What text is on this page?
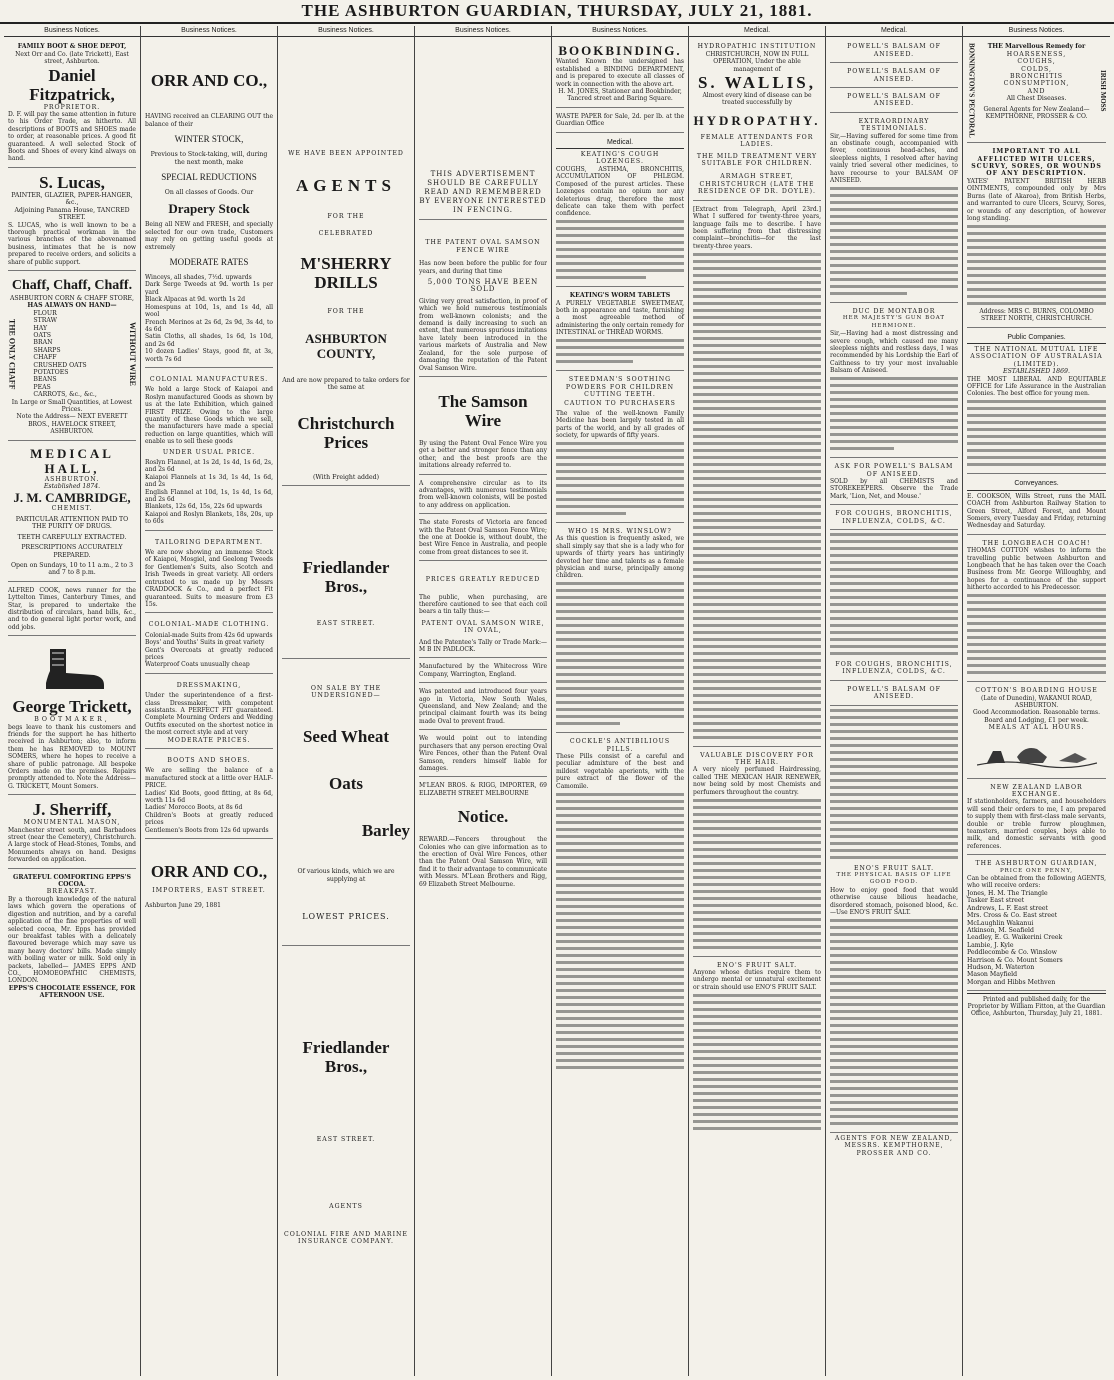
THE ASHBURTON GUARDIAN, THURSDAY, JULY 21, 1881.
Business Notices.
FAMILY BOOT & SHOE DEPOT,
Next Orr and Co. (late Trickett), East street, Ashburton.
Daniel Fitzpatrick,
PROPRIETOR.
D. F. will pay the same attention in future to his Order Trade, as hitherto. All descriptions of BOOTS and SHOES made to order, at reasonable prices. A good fit guaranteed. A well selected Stock of Boots and Shoes of every kind always on hand.
S. Lucas,
PAINTER, GLAZIER, PAPER-HANGER, &c.,
Adjoining Panama House, TANCRED STREET.
S. LUCAS, who is well known to be a thorough practical workman in the various branches of the abovenamed business, intimates that he is now prepared to receive orders, and solicits a share of public support.
Chaff, Chaff, Chaff.
ASHBURTON CORN & CHAFF STORE,
HAS ALWAYS ON HAND—
THE ONLY CHAFF
FLOUR
STRAW
HAY
OATS
BRAN
SHARPS
CHAFF
CRUSHED OATS
POTATOES
BEANS
PEAS
CARROTS, &c., &c.,
WITHOUT WIRE
In Large or Small Quantities, at Lowest Prices.
Note the Address— NEXT EVERETT BROS., HAVELOCK STREET, ASHBURTON.
MEDICAL HALL,
ASHBURTON.
Established 1874.
J. M. CAMBRIDGE,
CHEMIST.
PARTICULAR ATTENTION PAID TO THE PURITY OF DRUGS.
TEETH CAREFULLY EXTRACTED.
PRESCRIPTIONS ACCURATELY PREPARED.
Open on Sundays, 10 to 11 a.m., 2 to 3 and 7 to 8 p.m.
ALFRED COOK, news runner for the Lyttelton Times, Canterbury Times, and Star, is prepared to undertake the distribution of circulars, hand bills, &c., and to do general light porter work, and odd jobs.
George Trickett,
BOOTMAKER,
begs leave to thank his customers and friends for the support he has hitherto received in Ashburton; also, to inform them he has REMOVED to MOUNT SOMERS, where he hopes to receive a share of public patronage. All bespoke Orders made on the premises. Repairs promptly attended to. Note the Address— G. TRICKETT, Mount Somers.
J. Sherriff,
MONUMENTAL MASON,
Manchester street south, and Barbadoes street (near the Cemetery), Christchurch. A large stock of Head-Stones, Tombs, and Monuments always on hand. Designs forwarded on application.
GRATEFUL COMFORTING EPPS'S COCOA.
BREAKFAST.
By a thorough knowledge of the natural laws which govern the operations of digestion and nutrition, and by a careful application of the fine properties of well selected cocoa, Mr. Epps has provided our breakfast tables with a delicately flavoured beverage which may save us many heavy doctors' bills. Made simply with boiling water or milk. Sold only in packets, labelled— JAMES EPPS AND CO., HOMOEOPATHIC CHEMISTS, LONDON.
EPPS'S CHOCOLATE ESSENCE, FOR AFTERNOON USE.
Business Notices.
ORR AND CO.,
HAVING received an CLEARING OUT the balance of their
WINTER STOCK,
Previous to Stock-taking, will, during the next month, make
SPECIAL REDUCTIONS
On all classes of Goods. Our
Drapery Stock
Being all NEW and FRESH, and specially selected for our own trade, Customers may rely on getting useful goods at extremely
MODERATE RATES
Winceys, all shades, 7½d. upwards
Dark Serge Tweeds at 9d. worth 1s per yard
Black Alpacas at 9d. worth 1s 2d
Homespuns at 10d, 1s, and 1s 4d, all wool
French Merinos at 2s 6d, 2s 9d, 3s 4d, to 4s 6d
Satin Cloths, all shades, 1s 6d, 1s 10d, and 2s 6d
10 dozen Ladies' Stays, good fit, at 3s, worth 7s 6d
COLONIAL MANUFACTURES.
We hold a large Stock of Kaiapoi and Roslyn manufactured Goods as shown by us at the late Exhibition, which gained FIRST PRIZE. Owing to the large quantity of these Goods which we sell, the manufacturers have made a special reduction on large quantities, which will enable us to sell these goods
UNDER USUAL PRICE.
Roslyn Flannel, at 1s 2d, 1s 4d, 1s 6d, 2s, and 2s 6d
Kaiapoi Flannels at 1s 3d, 1s 4d, 1s 6d, and 2s
English Flannel at 10d, 1s, 1s 4d, 1s 6d, and 2s 6d
Blankets, 12s 6d, 15s, 22s 6d upwards
Kaiapoi and Roslyn Blankets, 18s, 20s, up to 60s
TAILORING DEPARTMENT.
We are now showing an immense Stock of Kaiapoi, Mosgiel, and Geelong Tweeds for Gentlemen's Suits, also Scotch and Irish Tweeds in great variety. All orders entrusted to us made up by Messrs CRADDOCK & Co., and a perfect Fit guaranteed. Suits to measure from £3 15s.
COLONIAL-MADE CLOTHING.
Colonial-made Suits from 42s 6d upwards
Boys' and Youths' Suits in great variety
Gent's Overcoats at greatly reduced prices
Waterproof Coats unusually cheap
DRESSMAKING,
Under the superintendence of a first-class Dressmaker, with competent assistants. A PERFECT FIT guaranteed. Complete Mourning Orders and Wedding Outfits executed on the shortest notice in the most correct style and at very
MODERATE PRICES.
BOOTS AND SHOES.
We are selling the balance of a manufactured stock at a little over HALF-PRICE.
Ladies' Kid Boots, good fitting, at 8s 6d, worth 11s 6d
Ladies' Morocco Boots, at 8s 6d
Children's Boots at greatly reduced prices
Gentlemen's Boots from 12s 6d upwards
ORR AND CO.,
IMPORTERS, EAST STREET.
Ashburton June 29, 1881
Business Notices.
WE HAVE BEEN APPOINTED
AGENTS
FOR THE
CELEBRATED
M'SHERRY DRILLS
FOR THE
ASHBURTON COUNTY,
And are now prepared to take orders for the same at
Christchurch Prices
(With Freight added)
Friedlander Bros.,
EAST STREET.
ON SALE BY THE UNDERSIGNED—
Seed Wheat
Oats
Barley
Of various kinds, which we are supplying at
LOWEST PRICES.
Friedlander Bros.,
EAST STREET.
AGENTS
COLONIAL FIRE AND MARINE INSURANCE COMPANY.
Business Notices.
THIS ADVERTISEMENT SHOULD BE CAREFULLY READ AND REMEMBERED BY EVERYONE INTERESTED IN FENCING.
THE PATENT OVAL SAMSON FENCE WIRE
Has now been before the public for four years, and during that time
5,000 TONS HAVE BEEN SOLD
Giving very great satisfaction, in proof of which we hold numerous testimonials from well-known colonists; and the demand is daily increasing to such an extent, that numerous spurious imitations have lately been introduced in the various markets of Australia and New Zealand, for the sole purpose of damaging the reputation of the Patent Oval Samson Wire.
The Samson Wire
By using the Patent Oval Fence Wire you get a better and stronger fence than any other, and the best proofs are the imitations already referred to.
A comprehensive circular as to its advantages, with numerous testimonials from well-known colonists, will be posted to any address on application.
The state Forests of Victoria are fenced with the Patent Oval Samson Fence Wire; the one at Dookie is, without doubt, the best Wire Fence in Australia, and people come from great distances to see it.
PRICES GREATLY REDUCED
The public, when purchasing, are therefore cautioned to see that each coil bears a tin tally thus:—
PATENT OVAL SAMSON WIRE, IN OVAL,
And the Patentee's Tally or Trade Mark:— M B IN PADLOCK.
Manufactured by the Whitecross Wire Company, Warrington, England.
Was patented and introduced four years ago in Victoria, New South Wales, Queensland, and New Zealand; and the principal claimant fourth was its being made Oval to prevent fraud.
We would point out to intending purchasers that any person erecting Oval Wire Fences, other than the Patent Oval Samson, renders himself liable for damages.
M'LEAN BROS. & RIGG, IMPORTER, 69 ELIZABETH STREET MELBOURNE
Notice.
REWARD.—Fencers throughout the Colonies who can give information as to the erection of Oval Wire Fences, other than the Patent Oval Samson Wire, will find it to their advantage to communicate with Messrs. M'Lean Brothers and Rigg, 69 Elizabeth Street Melbourne.
Business Notices.
BOOKBINDING.
Wanted Known the undersigned has established a BINDING DEPARTMENT, and is prepared to execute all classes of work in connection with the above art.
H. M. JONES, Stationer and Bookbinder, Tancred street and Baring Square.
WASTE PAPER for Sale, 2d. per lb. at the Guardian Office
Medical.
KEATING'S COUGH LOZENGES.
COUGHS, ASTHMA, BRONCHITIS, ACCUMULATION OF PHLEGM. Composed of the purest articles. These Lozenges contain no opium nor any deleterious drug, therefore the most delicate can take them with perfect confidence.
KEATING'S WORM TABLETS
A PURELY VEGETABLE SWEETMEAT, both in appearance and taste, furnishing a most agreeable method of administering the only certain remedy for INTESTINAL or THREAD WORMS.
STEEDMAN'S SOOTHING POWDERS FOR CHILDREN CUTTING TEETH.
CAUTION TO PURCHASERS
The value of the well-known Family Medicine has been largely tested in all parts of the world, and by all grades of society, for upwards of fifty years.
WHO IS MRS. WINSLOW?
As this question is frequently asked, we shall simply say that she is a lady who for upwards of thirty years has untiringly devoted her time and talents as a female physician and nurse, principally among children.
COCKLE'S ANTIBILIOUS PILLS.
These Pills consist of a careful and peculiar admixture of the best and mildest vegetable aperients, with the pure extract of the flower of the Camomile.
Medical.
HYDROPATHIC INSTITUTION
CHRISTCHURCH, NOW IN FULL OPERATION, Under the able management of
S. WALLIS,
Almost every kind of disease can be treated successfully by
HYDROPATHY.
FEMALE ATTENDANTS FOR LADIES.
THE MILD TREATMENT VERY SUITABLE FOR CHILDREN.
ARMAGH STREET, CHRISTCHURCH (LATE THE RESIDENCE OF DR. DOYLE).
[Extract from Telegraph, April 23rd.] What I suffered for twenty-three years, language fails me to describe. I have been suffering from that distressing complaint—bronchitis—for the last twenty-three years.
VALUABLE DISCOVERY FOR THE HAIR.
A very nicely perfumed Hairdressing, called THE MEXICAN HAIR RENEWER, now being sold by most Chemists and perfumers throughout the country.
ENO'S FRUIT SALT.
Anyone whose duties require them to undergo mental or unnatural excitement or strain should use ENO'S FRUIT SALT.
Medical.
POWELL'S BALSAM OF ANISEED.
POWELL'S BALSAM OF ANISEED.
POWELL'S BALSAM OF ANISEED.
EXTRAORDINARY TESTIMONIALS.
Sir,—Having suffered for some time from an obstinate cough, accompanied with fever, continuous head-aches, and sleepless nights, I resolved after having vainly tried several other medicines, to have recourse to your BALSAM OF ANISEED.
DUC DE MONTABOR
HER MAJESTY'S GUN BOAT HERMIONE.
Sir,—Having had a most distressing and severe cough, which caused me many sleepless nights and restless days, I was recommended by his Lordship the Earl of Caithness to try your most invaluable Balsam of Aniseed.
ASK FOR POWELL'S BALSAM OF ANISEED.
SOLD by all CHEMISTS and STOREKEEPERS. Observe the Trade Mark, 'Lion, Net, and Mouse.'
FOR COUGHS, BRONCHITIS, INFLUENZA, COLDS, &C.
FOR COUGHS, BRONCHITIS, INFLUENZA, COLDS, &C.
POWELL'S BALSAM OF ANISEED.
ENO'S FRUIT SALT.
THE PHYSICAL BASIS OF LIFE GOOD FOOD.
How to enjoy good food that would otherwise cause bilious headache, disordered stomach, poisoned blood, &c.—Use ENO'S FRUIT SALT.
AGENTS FOR NEW ZEALAND, MESSRS. KEMPTHORNE, PROSSER AND CO.
Business Notices.
BONNINGTON'S PECTORAL	THE Marvellous Remedy for
HOARSENESS,
COUGHS,
COLDS,
BRONCHITIS
CONSUMPTION,
AND
All Chest Diseases.
General Agents for New Zealand— KEMPTHORNE, PROSSER & CO.
IRISH MOSS
IMPORTANT TO ALL AFFLICTED WITH ULCERS, SCURVY, SORES, OR WOUNDS OF ANY DESCRIPTION.
YATES' PATENT BRITISH HERB OINTMENTS, compounded only by Mrs Burns (late of Akaroa), from British Herbs, and warranted to cure Ulcers, Scurvy, Sores, or wounds of any description, of however long standing.
Address: MRS C. BURNS, COLOMBO STREET NORTH, CHRISTCHURCH.
Public Companies.
THE NATIONAL MUTUAL LIFE ASSOCIATION OF AUSTRALASIA (LIMITED).
ESTABLISHED 1869.
THE MOST LIBERAL AND EQUITABLE OFFICE for Life Assurance in the Australian Colonies. The best office for young men.
Conveyances.
E. COOKSON, Wills Street, runs the MAIL COACH from Ashburton Railway Station to Green Street, Alford Forest, and Mount Somers, every Tuesday and Friday, returning Wednesday and Saturday.
THE LONGBEACH COACH!
THOMAS COTTON wishes to inform the travelling public between Ashburton and Longbeach that he has taken over the Coach Business from Mr. George Willoughby, and hopes for a continuance of the support hitherto accorded to his Predecessor.
COTTON'S BOARDING HOUSE
(Late of Dunedin), WAKANUI ROAD, ASHBURTON.
Good Accommodation. Reasonable terms.
Board and Lodging, £1 per week.
MEALS AT ALL HOURS.
NEW ZEALAND LABOR EXCHANGE.
If stationholders, farmers, and householders will send their orders to me, I am prepared to supply them with first-class male servants, double or treble furrow ploughmen, teamsters, married couples, boys able to milk, and domestic servants with good references.
THE ASHBURTON GUARDIAN,
PRICE ONE PENNY,
Can be obtained from the following AGENTS, who will receive orders:
Jones, H. M. The Triangle
Tasker East street
Andrews, L. F. East street
Mrs. Cross & Co. East street
McLaughlin Wakanui
Atkinson, M. Seafield
Leadley, E. G. Waikerini Creek
Lambie, J. Kyle
Peddlecombe & Co. Winslow
Harrison & Co. Mount Somers
Hudson, M. Waterton
Mason Mayfield
Morgan and Hibbs Methven
Printed and published daily, for the Proprietor by William Fitton, at the Guardian Office, Ashburton, Thursday, July 21, 1881.
